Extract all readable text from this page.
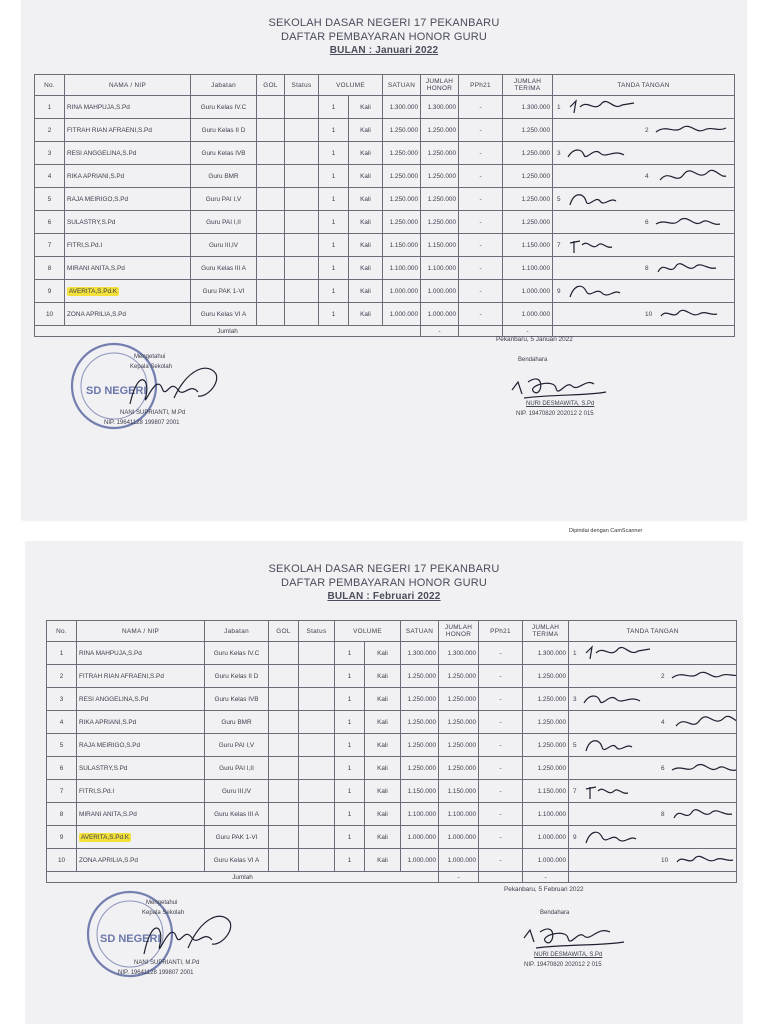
SEKOLAH DASAR NEGERI 17 PEKANBARU
DAFTAR PEMBAYARAN HONOR GURU
BULAN : Januari 2022
No.	NAMA / NIP	Jabatan	GOL	Status	VOLUME		SATUAN	JUMLAH HONOR	PPh21	JUMLAH TERIMA	TANDA TANGAN
1	RINA MAHPUJA,S.Pd	Guru Kelas IV.C			1	Kali	1.300.000	1.300.000	-	1.300.000	1
2	FITRAH RIAN AFRAENI,S.Pd	Guru Kelas II D			1	Kali	1.250.000	1.250.000	-	1.250.000	2
3	RESI ANGGELINA,S.Pd	Guru Kelas IVB			1	Kali	1.250.000	1.250.000	-	1.250.000	3
4	RIKA APRIANI,S.Pd	Guru BMR			1	Kali	1.250.000	1.250.000	-	1.250.000	4
5	RAJA MEIRIGO,S.Pd	Guru PAI I,V			1	Kali	1.250.000	1.250.000	-	1.250.000	5
6	SULASTRY,S.Pd	Guru PAI I,II			1	Kali	1.250.000	1.250.000	-	1.250.000	6
7	FITRI,S.Pd.I	Guru III,IV			1	Kali	1.150.000	1.150.000	-	1.150.000	7
8	MIRANI ANITA,S.Pd	Guru Kelas III A			1	Kali	1.100.000	1.100.000	-	1.100.000	8
9	AVERITA,S.Pd.K	Guru PAK 1-VI			1	Kali	1.000.000	1.000.000	-	1.000.000	9
10	ZONA APRILIA,S.Pd	Guru Kelas VI A			1	Kali	1.000.000	1.000.000	-	1.000.000	10
Jumlah								-		-	
Pekanbaru, 5 Januari 2022
Bendahara
NURI DESMAWITA, S.Pd
NIP. 19470820 202012 2 015
SD NEGERI
Mengetahui
Kepala Sekolah
NANI SUPRIANTI, M.Pd
NIP. 19641128 199807 2001
Dipindai dengan CamScanner
SEKOLAH DASAR NEGERI 17 PEKANBARU
DAFTAR PEMBAYARAN HONOR GURU
BULAN : Februari 2022
No.	NAMA / NIP	Jabatan	GOL	Status	VOLUME		SATUAN	JUMLAH HONOR	PPh21	JUMLAH TERIMA	TANDA TANGAN
1	RINA MAHPUJA,S.Pd	Guru Kelas IV.C			1	Kali	1.300.000	1.300.000	-	1.300.000	1
2	FITRAH RIAN AFRAENI,S.Pd	Guru Kelas II D			1	Kali	1.250.000	1.250.000	-	1.250.000	2
3	RESI ANGGELINA,S.Pd	Guru Kelas IVB			1	Kali	1.250.000	1.250.000	-	1.250.000	3
4	RIKA APRIANI,S.Pd	Guru BMR			1	Kali	1.250.000	1.250.000	-	1.250.000	4
5	RAJA MEIRIGO,S.Pd	Guru PAI I,V			1	Kali	1.250.000	1.250.000	-	1.250.000	5
6	SULASTRY,S.Pd	Guru PAI I,II			1	Kali	1.250.000	1.250.000	-	1.250.000	6
7	FITRI,S.Pd.I	Guru III,IV			1	Kali	1.150.000	1.150.000	-	1.150.000	7
8	MIRANI ANITA,S.Pd	Guru Kelas III A			1	Kali	1.100.000	1.100.000	-	1.100.000	8
9	AVERITA,S.Pd.K	Guru PAK 1-VI			1	Kali	1.000.000	1.000.000	-	1.000.000	9
10	ZONA APRILIA,S.Pd	Guru Kelas VI A			1	Kali	1.000.000	1.000.000	-	1.000.000	10
Jumlah								-		-	
Pekanbaru, 5 Februari 2022
Bendahara
NURI DESMAWITA, S.Pd
NIP. 19470820 202012 2 015
SD NEGERI
Mengetahui
Kepala Sekolah
NANI SUPRIANTI, M.Pd
NIP. 19641128 199807 2001
